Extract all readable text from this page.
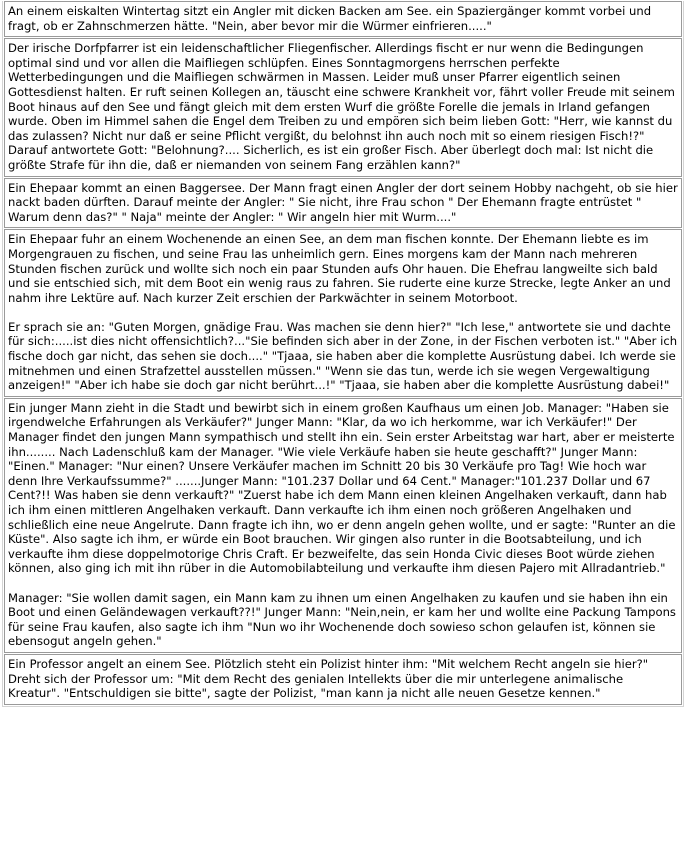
An einem eiskalten Wintertag sitzt ein Angler mit dicken Backen am See. ein Spaziergänger kommt vorbei und fragt, ob er Zahnschmerzen hätte. "Nein, aber bevor mir die Würmer einfrieren....."

Der irische Dorfpfarrer ist ein leidenschaftlicher Fliegenfischer. Allerdings fischt er nur wenn die Bedingungen optimal sind und vor allen die Maifliegen schlüpfen. Eines Sonntagmorgens herrschen perfekte Wetterbedingungen und die Maifliegen schwärmen in Massen. Leider muß unser Pfarrer eigentlich seinen Gottesdienst halten. Er ruft seinen Kollegen an, täuscht eine schwere Krankheit vor, fährt voller Freude mit seinem Boot hinaus auf den See und fängt gleich mit dem ersten Wurf die größte Forelle die jemals in Irland gefangen wurde. Oben im Himmel sahen die Engel dem Treiben zu und empören sich beim lieben Gott: "Herr, wie kannst du das zulassen? Nicht nur daß er seine Pflicht vergißt, du belohnst ihn auch noch mit so einem riesigen Fisch!?" Darauf antwortete Gott: "Belohnung?.... Sicherlich, es ist ein großer Fisch. Aber überlegt doch mal: Ist nicht die größte Strafe für ihn die, daß er niemanden von seinem Fang erzählen kann?"

Ein Ehepaar kommt an einen Baggersee. Der Mann fragt einen Angler der dort seinem Hobby nachgeht, ob sie hier nackt baden dürften. Darauf meinte der Angler: " Sie nicht, ihre Frau schon " Der Ehemann fragte entrüstet " Warum denn das?" " Naja" meinte der Angler: " Wir angeln hier mit Wurm...."

Ein Ehepaar fuhr an einem Wochenende an einen See, an dem man fischen konnte. Der Ehemann liebte es im Morgengrauen zu fischen, und seine Frau las unheimlich gern. Eines morgens kam der Mann nach mehreren Stunden fischen zurück und wollte sich noch ein paar Stunden aufs Ohr hauen. Die Ehefrau langweilte sich bald und sie entschied sich, mit dem Boot ein wenig raus zu fahren. Sie ruderte eine kurze Strecke, legte Anker an und nahm ihre Lektüre auf. Nach kurzer Zeit erschien der Parkwächter in seinem Motorboot.

Er sprach sie an: "Guten Morgen, gnädige Frau. Was machen sie denn hier?" "Ich lese," antwortete sie und dachte für sich:.....ist dies nicht offensichtlich?..."Sie befinden sich aber in der Zone, in der Fischen verboten ist." "Aber ich fische doch gar nicht, das sehen sie doch...." "Tjaaa, sie haben aber die komplette Ausrüstung dabei. Ich werde sie mitnehmen und einen Strafzettel ausstellen müssen." "Wenn sie das tun, werde ich sie wegen Vergewaltigung anzeigen!" "Aber ich habe sie doch gar nicht berührt...!" "Tjaaa, sie haben aber die komplette Ausrüstung dabei!"

Ein junger Mann zieht in die Stadt und bewirbt sich in einem großen Kaufhaus um einen Job. Manager: "Haben sie irgendwelche Erfahrungen als Verkäufer?" Junger Mann: "Klar, da wo ich herkomme, war ich Verkäufer!" Der Manager findet den jungen Mann sympathisch und stellt ihn ein. Sein erster Arbeitstag war hart, aber er meisterte ihn........ Nach Ladenschluß kam der Manager. "Wie viele Verkäufe haben sie heute geschafft?" Junger Mann: "Einen." Manager: "Nur einen? Unsere Verkäufer machen im Schnitt 20 bis 30 Verkäufe pro Tag! Wie hoch war denn Ihre Verkaufssumme?" .......Junger Mann: "101.237 Dollar und 64 Cent." Manager:"101.237 Dollar und 67 Cent?!! Was haben sie denn verkauft?" "Zuerst habe ich dem Mann einen kleinen Angelhaken verkauft, dann hab ich ihm einen mittleren Angelhaken verkauft. Dann verkaufte ich ihm einen noch größeren Angelhaken und schließlich eine neue Angelrute. Dann fragte ich ihn, wo er denn angeln gehen wollte, und er sagte: "Runter an die Küste". Also sagte ich ihm, er würde ein Boot brauchen. Wir gingen also runter in die Bootsabteilung, und ich verkaufte ihm diese doppelmotorige Chris Craft. Er bezweifelte, das sein Honda Civic dieses Boot würde ziehen können, also ging ich mit ihn rüber in die Automobilabteilung und verkaufte ihm diesen Pajero mit Allradantrieb."

Manager: "Sie wollen damit sagen, ein Mann kam zu ihnen um einen Angelhaken zu kaufen und sie haben ihn ein Boot und einen Geländewagen verkauft??!" Junger Mann: "Nein,nein, er kam her und wollte eine Packung Tampons für seine Frau kaufen, also sagte ich ihm "Nun wo ihr Wochenende doch sowieso schon gelaufen ist, können sie ebensogut angeln gehen."

Ein Professor angelt an einem See. Plötzlich steht ein Polizist hinter ihm: "Mit welchem Recht angeln sie hier?" Dreht sich der Professor um: "Mit dem Recht des genialen Intellekts über die mir unterlegene animalische Kreatur". "Entschuldigen sie bitte", sagte der Polizist, "man kann ja nicht alle neuen Gesetze kennen."
